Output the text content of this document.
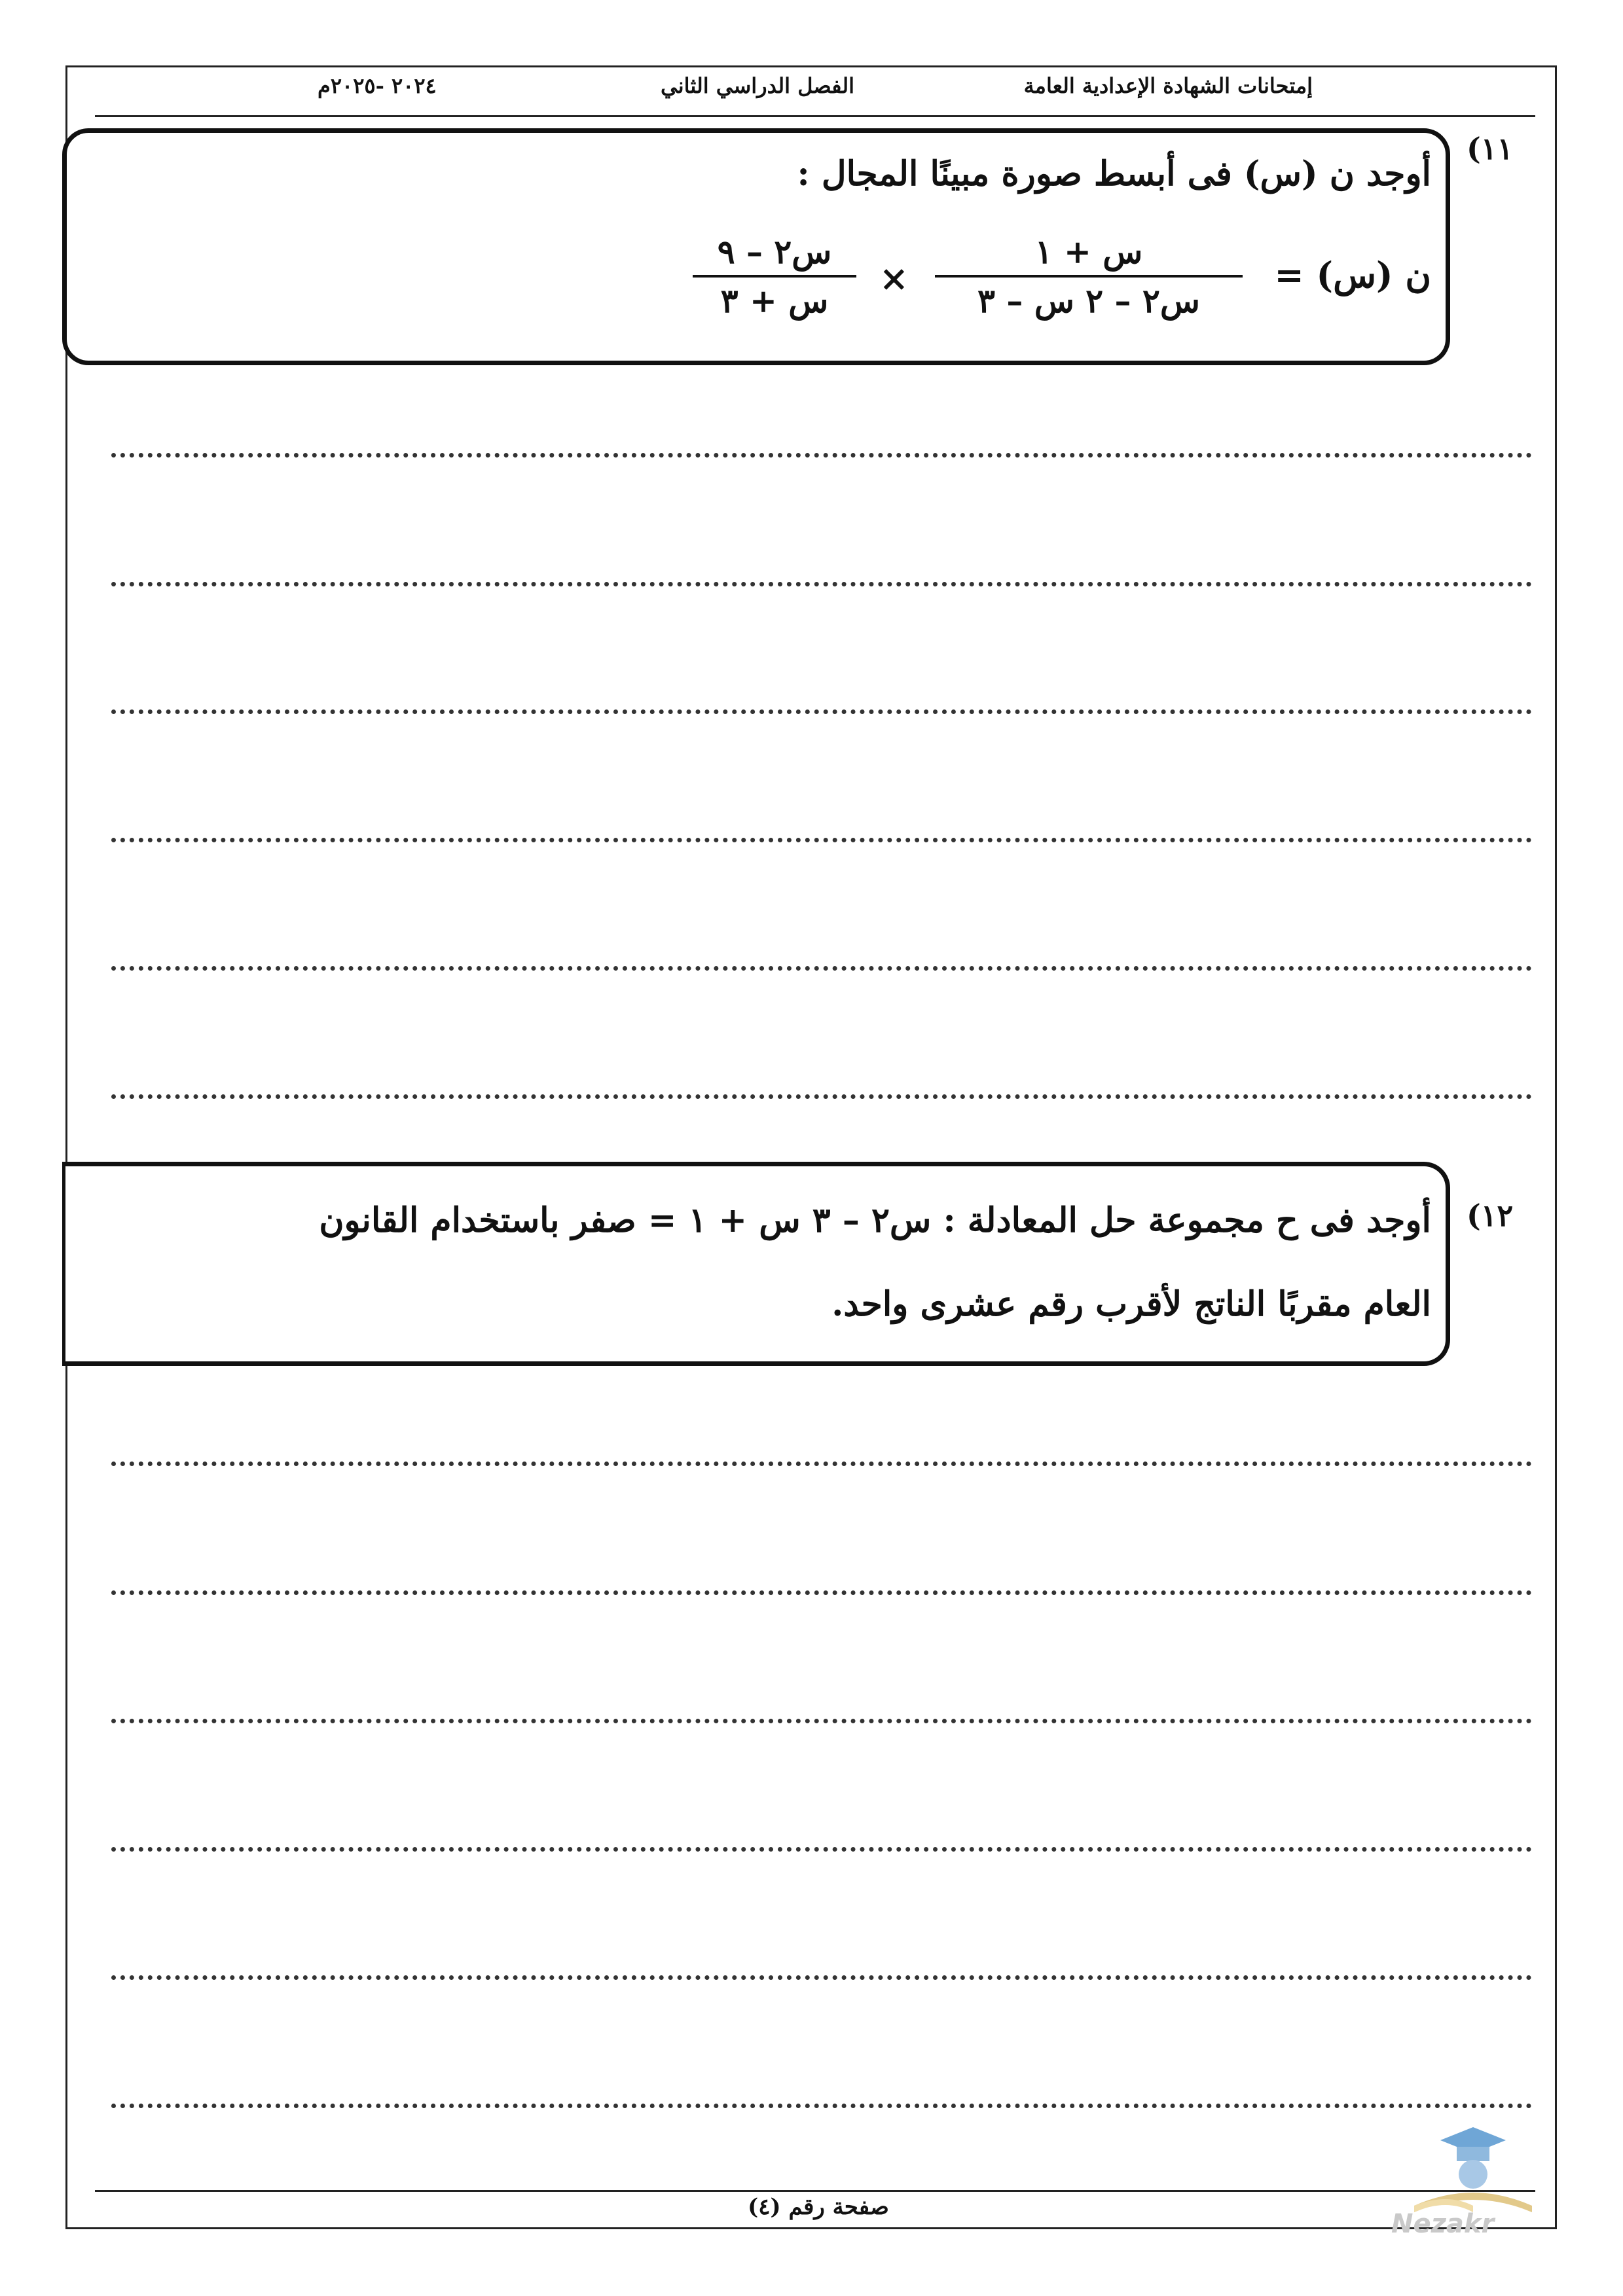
إمتحانات الشهادة الإعدادية العامة
الفصل الدراسي الثاني
٢٠٢٤ -٢٠٢٥م
١١)
أوجد ن (س) فى أبسط صورة مبينًا المجال :
ن (س) =
س + ١
س٢ – ٢ س – ٣
×
س٢ – ٩
س + ٣
١٢)
أوجد فى ح مجموعة حل المعادلة : س٢ – ٣ س + ١ = صفر باستخدام القانون
العام مقربًا الناتج لأقرب رقم عشرى واحد.
صفحة رقم (٤)
Nezakr
